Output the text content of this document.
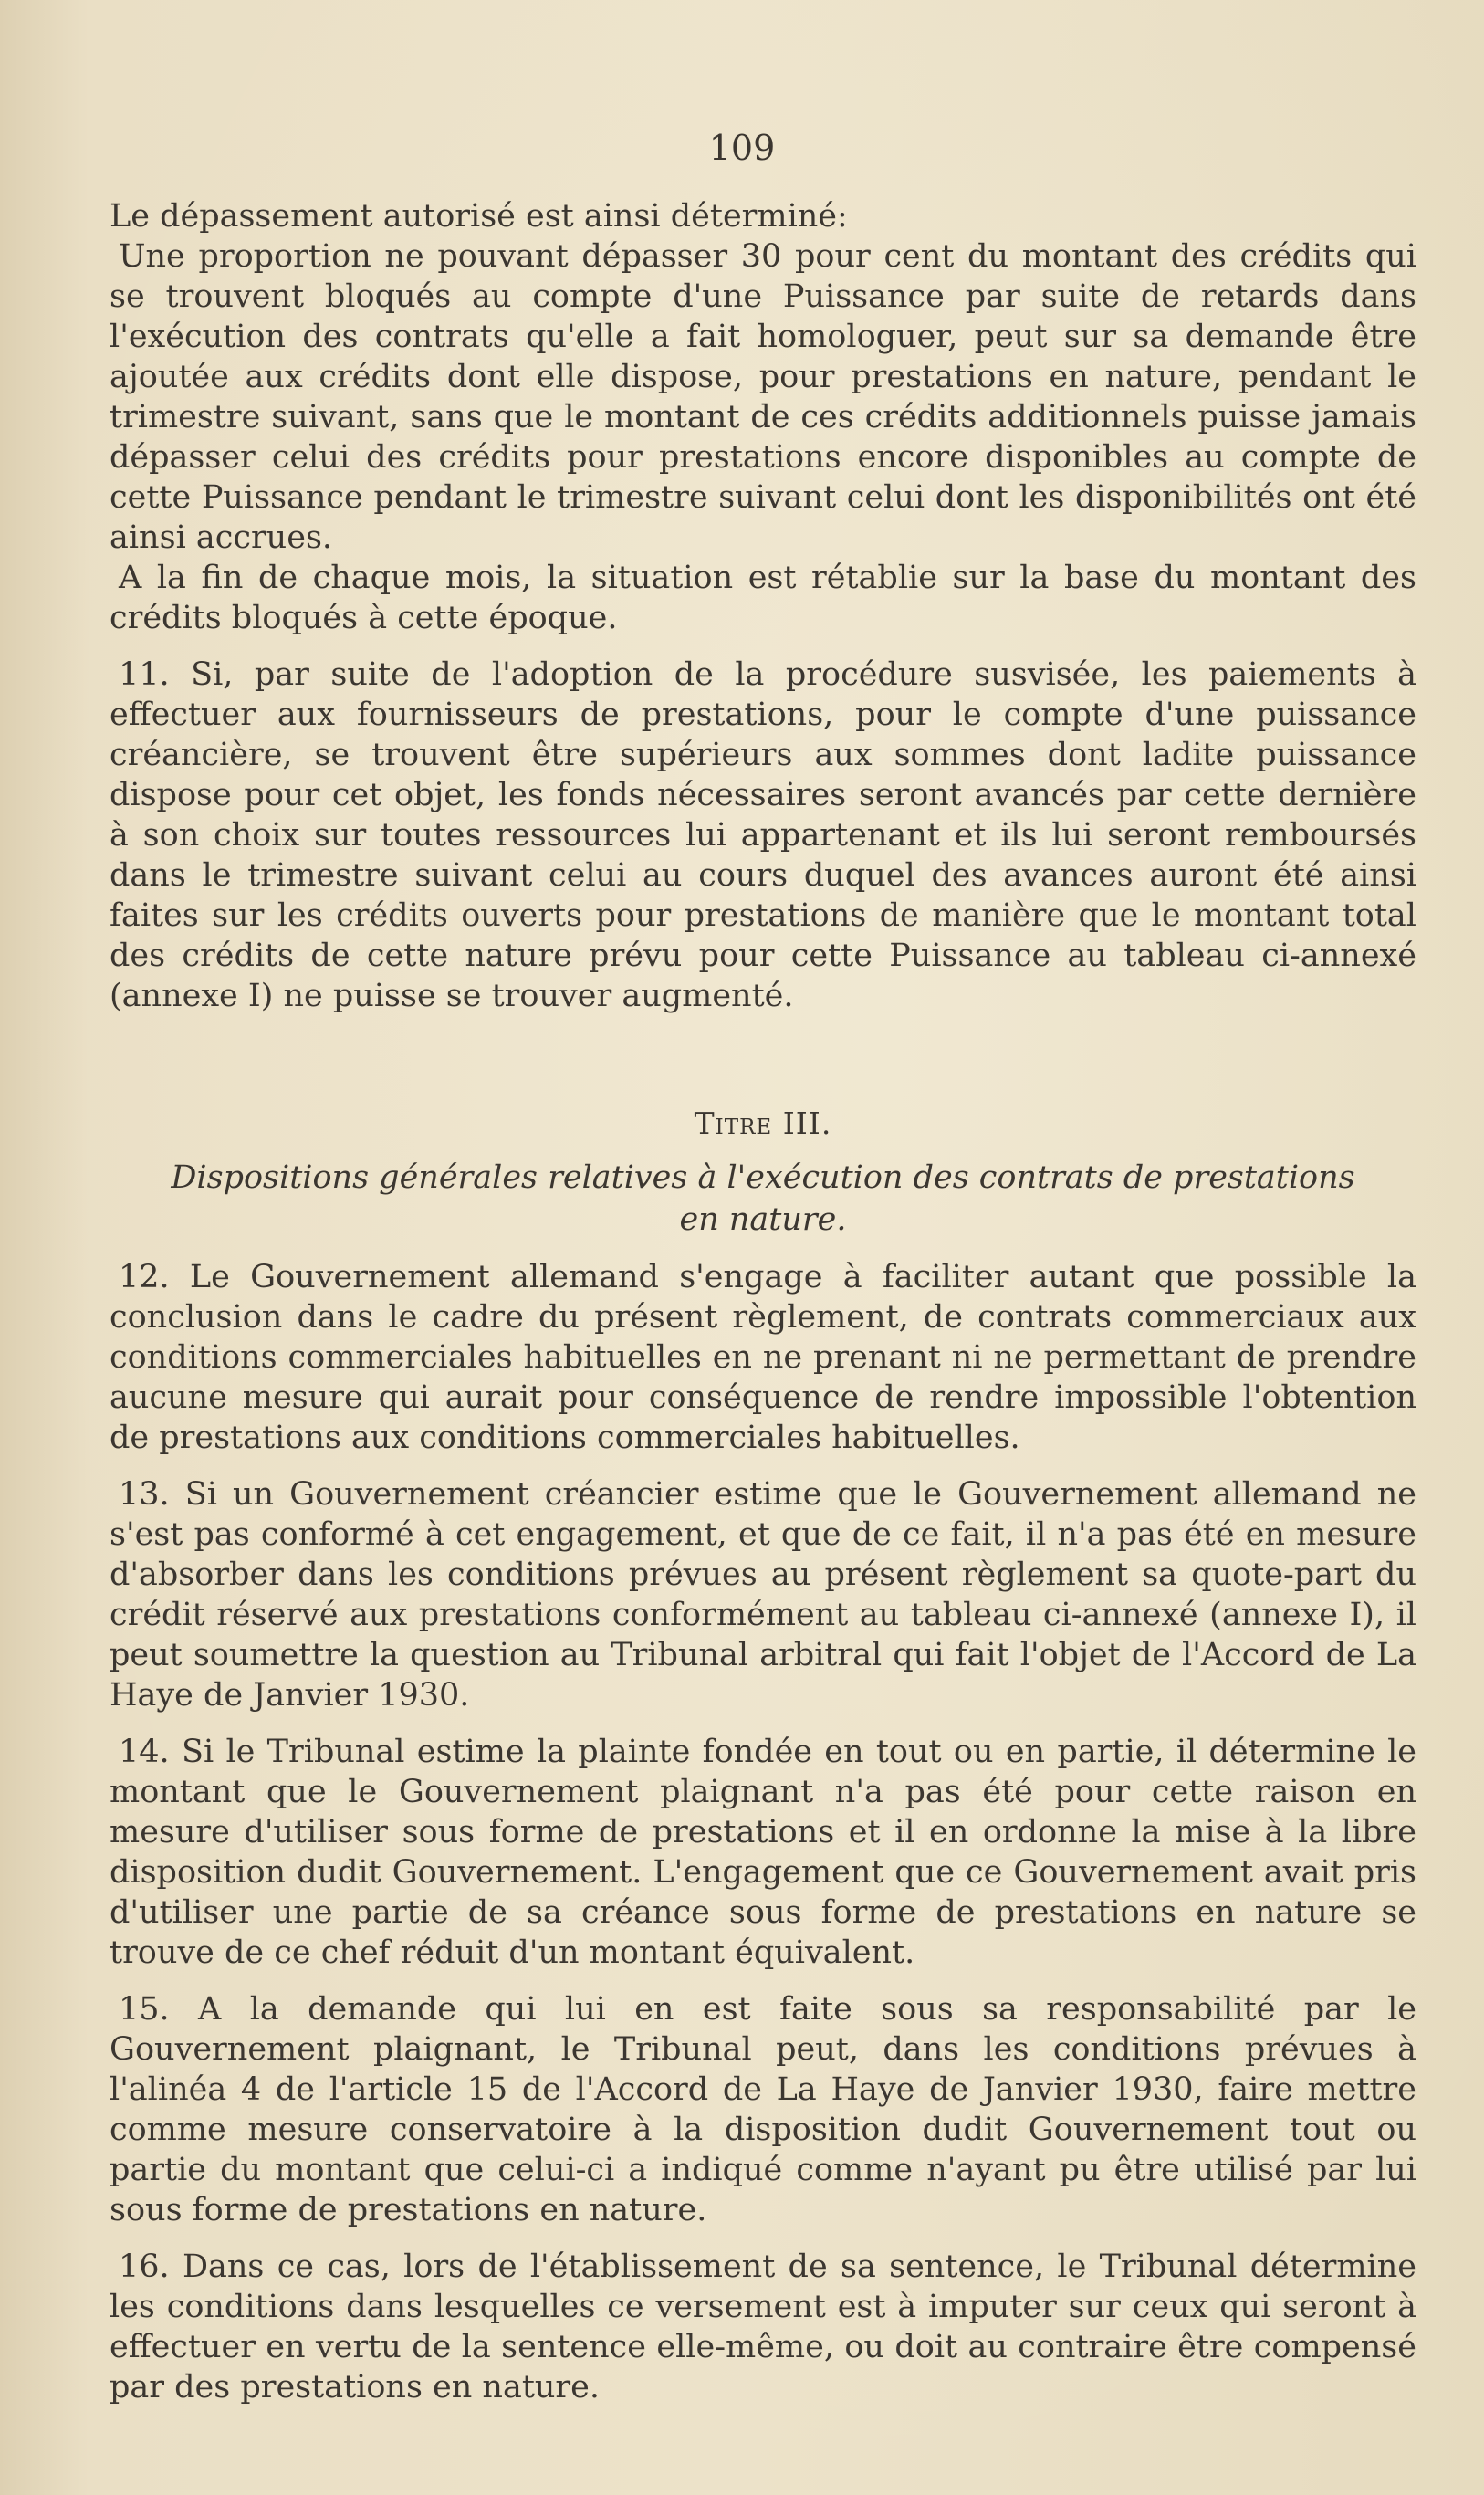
109

Le dépassement autorisé est ainsi déterminé:

Une proportion ne pouvant dépasser 30 pour cent du montant des crédits qui se trouvent bloqués au compte d'une Puissance par suite de retards dans l'exécution des contrats qu'elle a fait homologuer, peut sur sa demande être ajoutée aux crédits dont elle dispose, pour prestations en nature, pendant le trimestre suivant, sans que le montant de ces crédits additionnels puisse jamais dépasser celui des crédits pour prestations encore disponibles au compte de cette Puissance pendant le trimestre suivant celui dont les disponibilités ont été ainsi accrues.

A la fin de chaque mois, la situation est rétablie sur la base du montant des crédits bloqués à cette époque.

11. Si, par suite de l'adoption de la procédure susvisée, les paiements à effectuer aux fournisseurs de prestations, pour le compte d'une puissance créancière, se trouvent être supérieurs aux sommes dont ladite puissance dispose pour cet objet, les fonds nécessaires seront avancés par cette dernière à son choix sur toutes ressources lui appartenant et ils lui seront remboursés dans le trimestre suivant celui au cours duquel des avances auront été ainsi faites sur les crédits ouverts pour prestations de manière que le montant total des crédits de cette nature prévu pour cette Puissance au tableau ci-annexé (annexe I) ne puisse se trouver augmenté.

Titre III.

Dispositions générales relatives à l'exécution des contrats de prestations
en nature.

12. Le Gouvernement allemand s'engage à faciliter autant que possible la conclusion dans le cadre du présent règlement, de contrats commerciaux aux conditions commerciales habituelles en ne prenant ni ne permettant de prendre aucune mesure qui aurait pour conséquence de rendre impossible l'obtention de prestations aux conditions commerciales habituelles.

13. Si un Gouvernement créancier estime que le Gouvernement allemand ne s'est pas conformé à cet engagement, et que de ce fait, il n'a pas été en mesure d'absorber dans les conditions prévues au présent règlement sa quote-part du crédit réservé aux prestations conformément au tableau ci-annexé (annexe I), il peut soumettre la question au Tribunal arbitral qui fait l'objet de l'Accord de La Haye de Janvier 1930.

14. Si le Tribunal estime la plainte fondée en tout ou en partie, il détermine le montant que le Gouvernement plaignant n'a pas été pour cette raison en mesure d'utiliser sous forme de prestations et il en ordonne la mise à la libre disposition dudit Gouvernement. L'engagement que ce Gouvernement avait pris d'utiliser une partie de sa créance sous forme de prestations en nature se trouve de ce chef réduit d'un montant équivalent.

15. A la demande qui lui en est faite sous sa responsabilité par le Gouvernement plaignant, le Tribunal peut, dans les conditions prévues à l'alinéa 4 de l'article 15 de l'Accord de La Haye de Janvier 1930, faire mettre comme mesure conservatoire à la disposition dudit Gouvernement tout ou partie du montant que celui-ci a indiqué comme n'ayant pu être utilisé par lui sous forme de prestations en nature.

16. Dans ce cas, lors de l'établissement de sa sentence, le Tribunal détermine les conditions dans lesquelles ce versement est à imputer sur ceux qui seront à effectuer en vertu de la sentence elle-même, ou doit au contraire être compensé par des prestations en nature.
